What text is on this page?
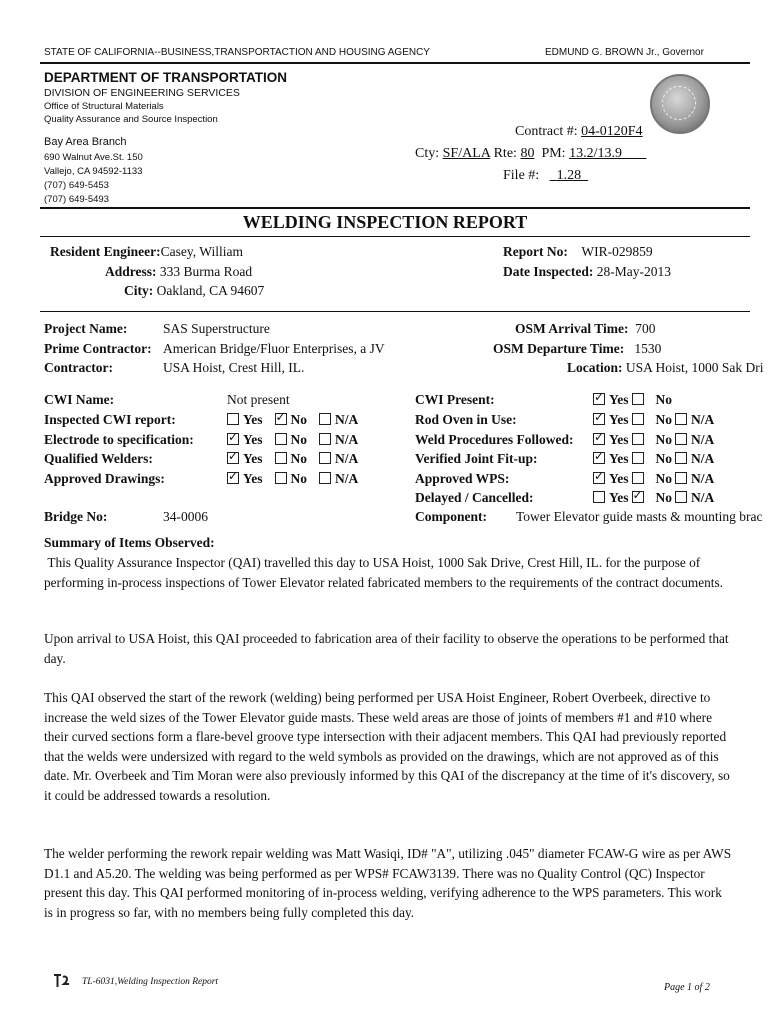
STATE OF CALIFORNIA--BUSINESS,TRANSPORTACTION AND HOUSING AGENCY	EDMUND G. BROWN Jr., Governor
DEPARTMENT OF TRANSPORTATION
DIVISION OF ENGINEERING SERVICES
Office of Structural Materials
Quality Assurance and Source Inspection
Bay Area Branch
690 Walnut Ave.St. 150
Vallejo, CA 94592-1133
(707) 649-5453
(707) 649-5493
Contract #: 04-0120F4
Cty: SF/ALA Rte: 80 PM: 13.2/13.9
File #: 1.28
WELDING INSPECTION REPORT
Resident Engineer:Casey, William
Address: 333 Burma Road
City: Oakland, CA 94607
Report No: WIR-029859
Date Inspected: 28-May-2013
Project Name:	SAS Superstructure
Prime Contractor: American Bridge/Fluor Enterprises, a JV
Contractor:	USA Hoist, Crest Hill, IL.
OSM Arrival Time: 700
OSM Departure Time: 1530
Location: USA Hoist, 1000 Sak Dri
CWI Name:	Not present
Inspected CWI report:	Yes ✓ No N/A
Electrode to specification: ✓	Yes No N/A
Qualified Welders: ✓	Yes No N/A
Approved Drawings: ✓	Yes No N/A
CWI Present: ✓	Yes No
Rod Oven in Use: ✓	Yes No N/A
Weld Procedures Followed: ✓	Yes No N/A
Verified Joint Fit-up: ✓	Yes No N/A
Approved WPS: ✓	Yes No N/A
Delayed / Cancelled:	Yes ✓ No N/A
Bridge No:	34-0006	Component: Tower Elevator guide masts & mounting brac
Summary of Items Observed:
This Quality Assurance Inspector (QAI) travelled this day to USA Hoist, 1000 Sak Drive, Crest Hill, IL. for the purpose of performing in-process inspections of Tower Elevator related fabricated members to the requirements of the contract documents.
Upon arrival to USA Hoist, this QAI proceeded to fabrication area of their facility to observe the operations to be performed that day.
This QAI observed the start of the rework (welding) being performed per USA Hoist Engineer, Robert Overbeek, directive to increase the weld sizes of the Tower Elevator guide masts. These weld areas are those of joints of members #1 and #10 where their curved sections form a flare-bevel groove type intersection with their adjacent members. This QAI had previously reported that the welds were undersized with regard to the weld symbols as provided on the drawings, which are not approved as of this date. Mr. Overbeek and Tim Moran were also previously informed by this QAI of the discrepancy at the time of it's discovery, so it could be addressed towards a resolution.
The welder performing the rework repair welding was Matt Wasiqi, ID# "A", utilizing .045" diameter FCAW-G wire as per AWS D1.1 and A5.20. The welding was being performed as per WPS# FCAW3139. There was no Quality Control (QC) Inspector present this day. This QAI performed monitoring of in-process welding, verifying adherence to the WPS parameters. This work is in progress so far, with no members being fully completed this day.
TL-6031,Welding Inspection Report	Page 1 of 2
